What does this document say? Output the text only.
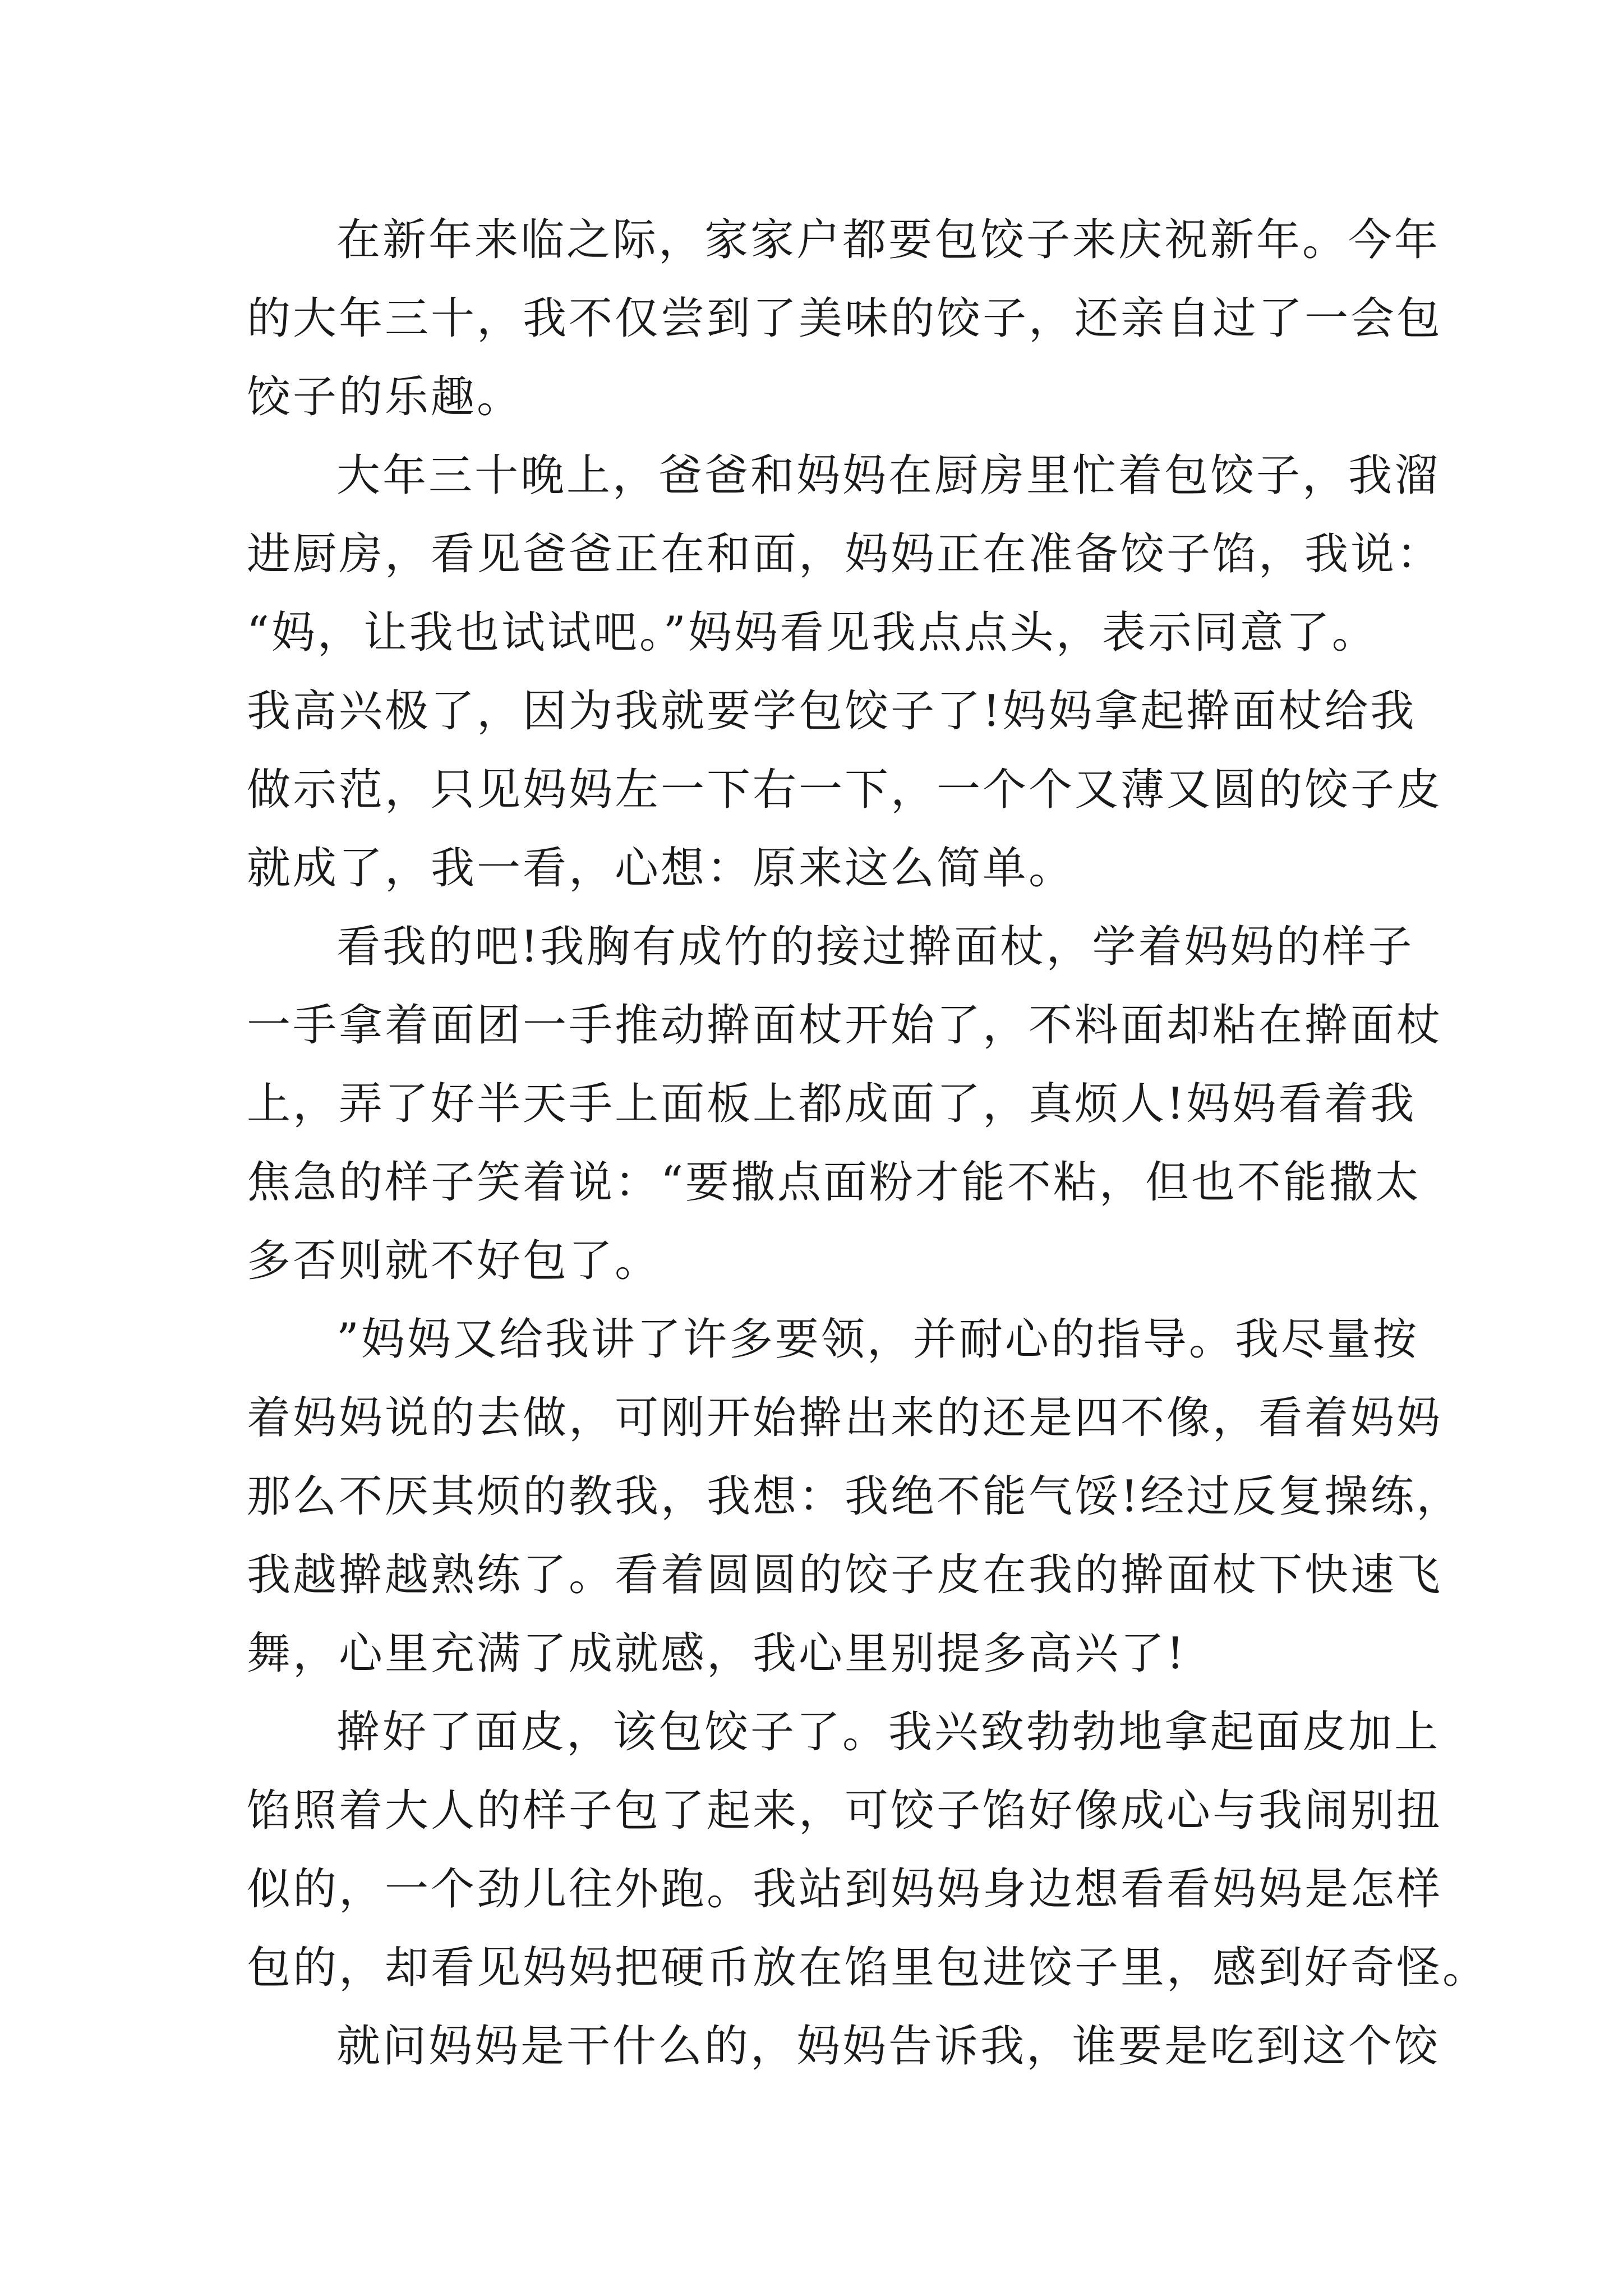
在新年来临之际，家家户都要包饺子来庆祝新年。今年
的大年三十，我不仅尝到了美味的饺子，还亲自过了一会包
饺子的乐趣。
大年三十晚上，爸爸和妈妈在厨房里忙着包饺子，我溜
进厨房，看见爸爸正在和面，妈妈正在准备饺子馅，我说：
“妈，让我也试试吧。”妈妈看见我点点头，表示同意了。
我高兴极了，因为我就要学包饺子了!妈妈拿起擀面杖给我
做示范，只见妈妈左一下右一下，一个个又薄又圆的饺子皮
就成了，我一看，心想：原来这么简单。
看我的吧!我胸有成竹的接过擀面杖，学着妈妈的样子
一手拿着面团一手推动擀面杖开始了，不料面却粘在擀面杖
上，弄了好半天手上面板上都成面了，真烦人!妈妈看着我
焦急的样子笑着说：“要撒点面粉才能不粘，但也不能撒太
多否则就不好包了。
”妈妈又给我讲了许多要领，并耐心的指导。我尽量按
着妈妈说的去做，可刚开始擀出来的还是四不像，看着妈妈
那么不厌其烦的教我，我想：我绝不能气馁!经过反复操练，
我越擀越熟练了。看着圆圆的饺子皮在我的擀面杖下快速飞
舞，心里充满了成就感，我心里别提多高兴了!
擀好了面皮，该包饺子了。我兴致勃勃地拿起面皮加上
馅照着大人的样子包了起来，可饺子馅好像成心与我闹别扭
似的，一个劲儿往外跑。我站到妈妈身边想看看妈妈是怎样
包的，却看见妈妈把硬币放在馅里包进饺子里，感到好奇怪。
就问妈妈是干什么的，妈妈告诉我，谁要是吃到这个饺
